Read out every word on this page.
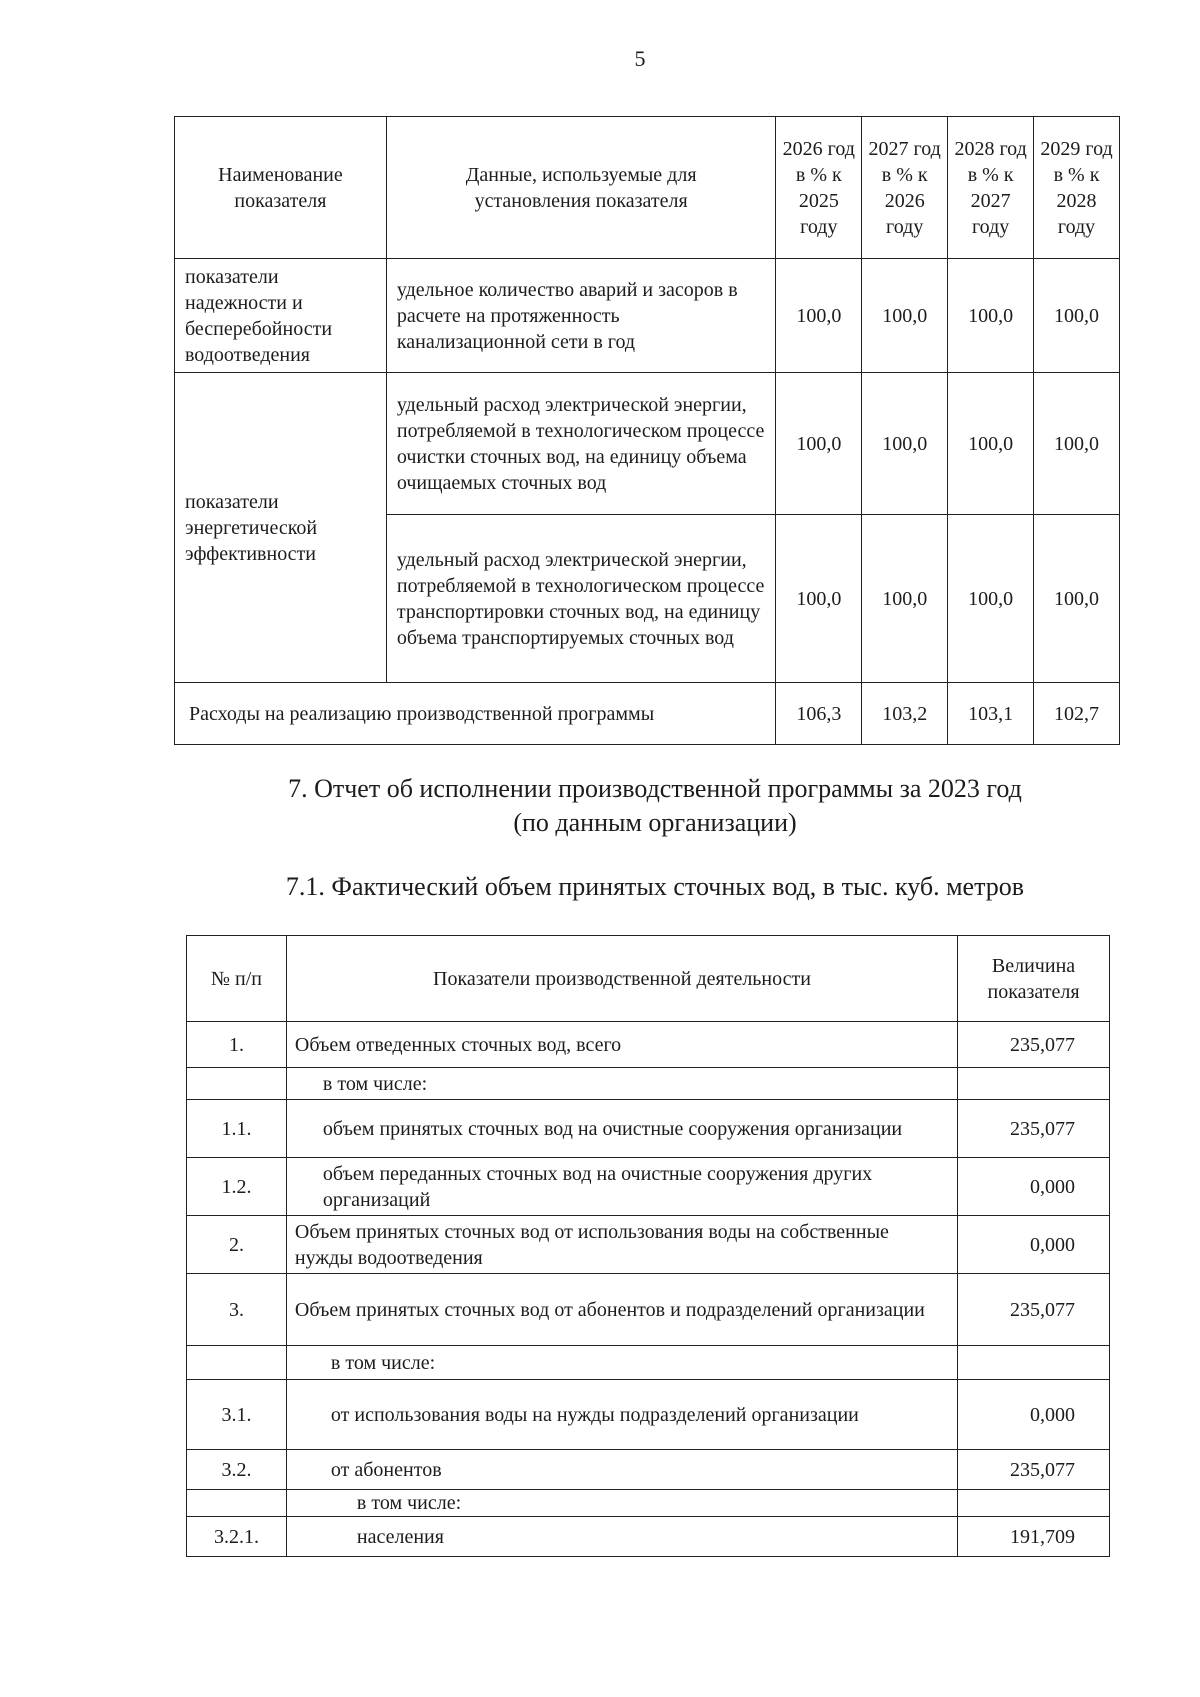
5
Наименование показателя	Данные, используемые для установления показателя	2026 год в % к 2025 году	2027 год в % к 2026 году	2028 год в % к 2027 году	2029 год в % к 2028 году
показатели надежности и бесперебойности водоотведения	удельное количество аварий и засоров в расчете на протяженность канализационной сети в год	100,0	100,0	100,0	100,0
показатели энергетической эффективности	удельный расход электрической энергии, потребляемой в технологическом процессе очистки сточных вод, на единицу объема очищаемых сточных вод	100,0	100,0	100,0	100,0
	удельный расход электрической энергии, потребляемой в технологическом процессе транспортировки сточных вод, на единицу объема транспортируемых сточных вод	100,0	100,0	100,0	100,0
Расходы на реализацию производственной программы		106,3	103,2	103,1	102,7
7. Отчет об исполнении производственной программы за 2023 год
(по данным организации)
7.1. Фактический объем принятых сточных вод, в тыс. куб. метров
№ п/п	Показатели производственной деятельности	Величина показателя
1.	Объем отведенных сточных вод, всего	235,077
	в том числе:	
1.1.	объем принятых сточных вод на очистные сооружения организации	235,077
1.2.	объем переданных сточных вод на очистные сооружения других организаций	0,000
2.	Объем принятых сточных вод от использования воды на собственные нужды водоотведения	0,000
3.	Объем принятых сточных вод от абонентов и подразделений организации	235,077
	в том числе:	
3.1.	от использования воды на нужды подразделений организации	0,000
3.2.	от абонентов	235,077
	в том числе:	
3.2.1.	населения	191,709
